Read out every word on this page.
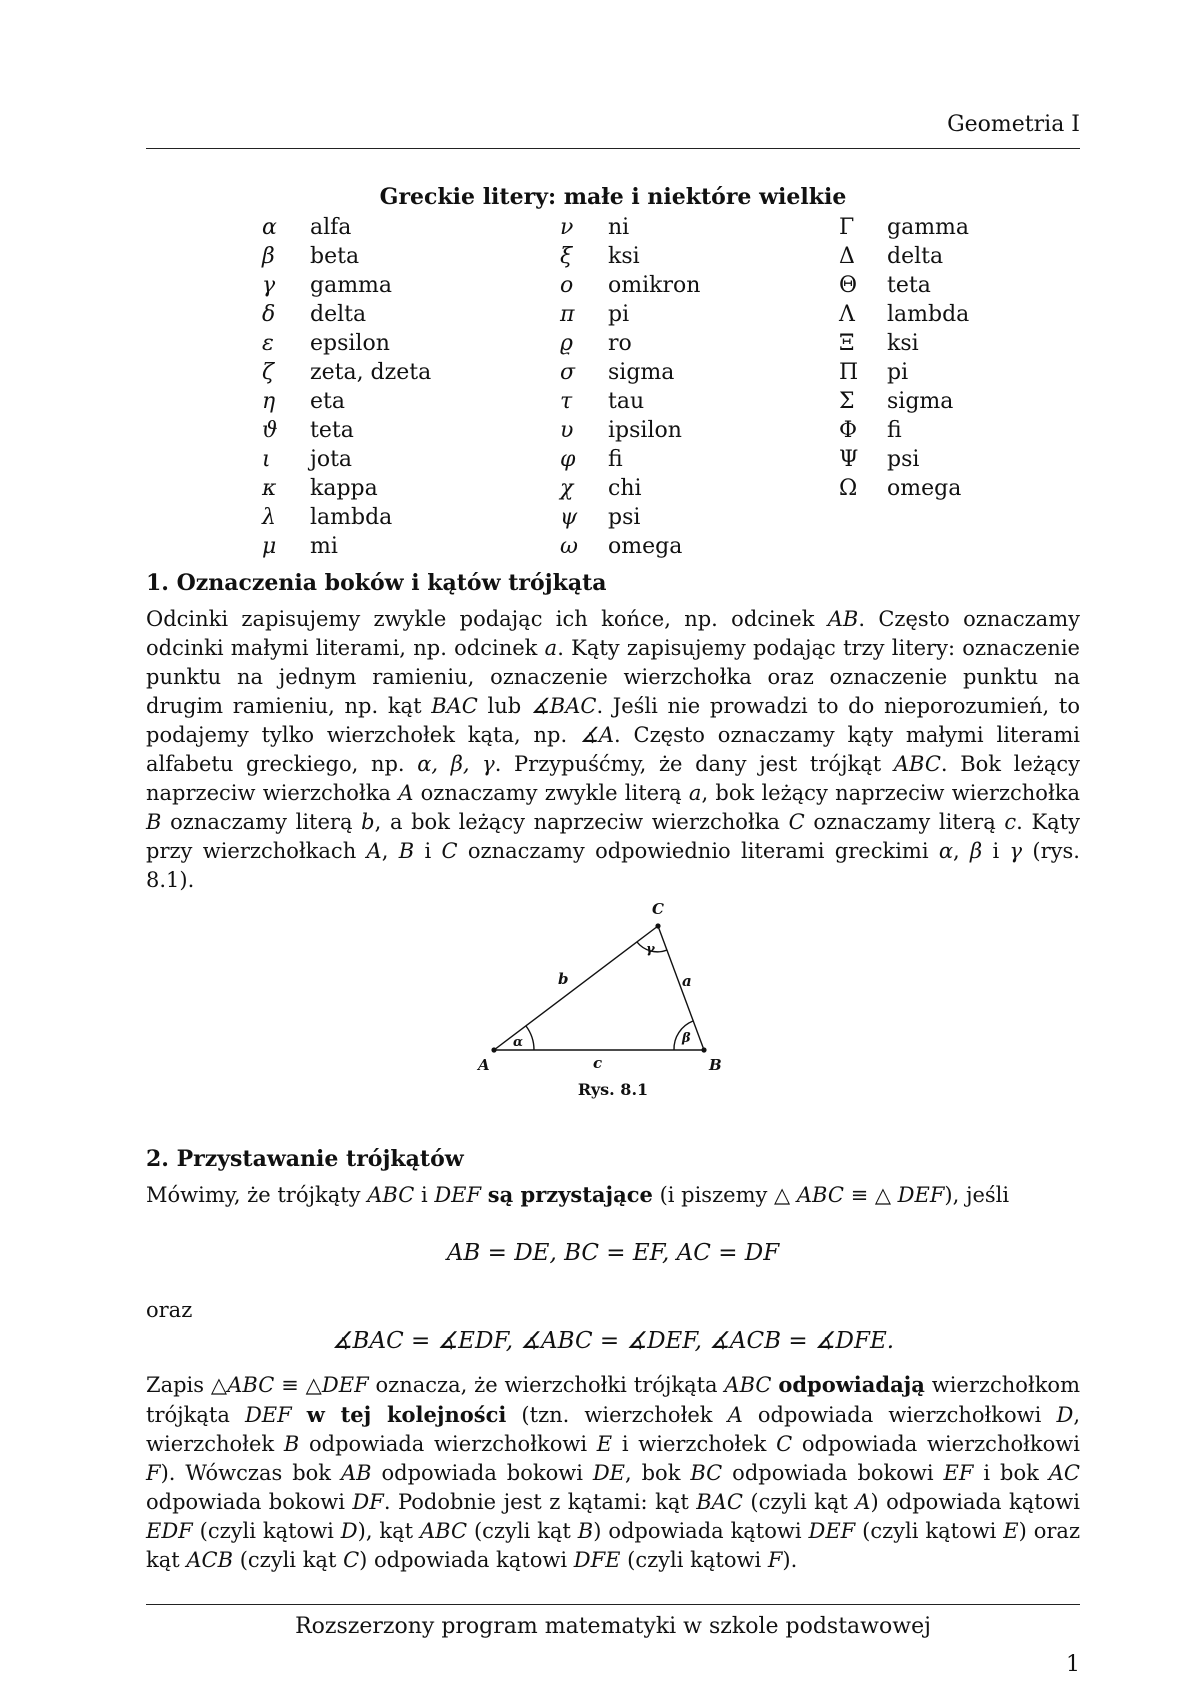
Geometria I
Greckie litery: małe i niektóre wielkie
α alfa
β beta
γ gamma
δ delta
ε epsilon
ζ zeta, dzeta
η eta
ϑ teta
ι jota
κ kappa
λ lambda
μ mi
ν ni
ξ ksi
o omikron
π pi
ϱ ro
σ sigma
τ tau
υ ipsilon
φ fi
χ chi
ψ psi
ω omega
Γ gamma
Δ delta
Θ teta
Λ lambda
Ξ ksi
Π pi
Σ sigma
Φ fi
Ψ psi
Ω omega
1. Oznaczenia boków i kątów trójkąta

Odcinki zapisujemy zwykle podając ich końce, np. odcinek AB. Często oznaczamy odcinki małymi literami, np. odcinek a. Kąty zapisujemy podając trzy litery: oznaczenie punktu na jednym ramieniu, oznaczenie wierzchołka oraz oznaczenie punktu na drugim ramieniu, np. kąt BAC lub ∡BAC. Jeśli nie prowadzi to do nieporozumień, to podajemy tylko wierzchołek kąta, np. ∡A. Często oznaczamy kąty małymi literami alfabetu greckiego, np. α, β, γ. Przypuśćmy, że dany jest trójkąt ABC. Bok leżący naprzeciw wierzchołka A oznaczamy zwykle literą a, bok leżący naprzeciw wierzchołka B oznaczamy literą b, a bok leżący naprzeciw wierzchołka C oznaczamy literą c. Kąty przy wierzchołkach A, B i C oznaczamy odpowiednio literami greckimi α, β i γ (rys. 8.1).

A	B
C
a
b
c
α	β
γ
Rys. 8.1
2. Przystawanie trójkątów

Mówimy, że trójkąty ABC i DEF są przystające (i piszemy △ ABC ≡ △ DEF), jeśli

AB = DE, BC = EF, AC = DF
oraz
∡BAC = ∡EDF, ∡ABC = ∡DEF, ∡ACB = ∡DFE.

Zapis △ABC ≡ △DEF oznacza, że wierzchołki trójkąta ABC odpowiadają wierzchołkom trójkąta DEF w tej kolejności (tzn. wierzchołek A odpowiada wierzchołkowi D, wierzchołek B odpowiada wierzchołkowi E i wierzchołek C odpowiada wierzchołkowi F). Wówczas bok AB odpowiada bokowi DE, bok BC odpowiada bokowi EF i bok AC odpowiada bokowi DF. Podobnie jest z kątami: kąt BAC (czyli kąt A) odpowiada kątowi EDF (czyli kątowi D), kąt ABC (czyli kąt B) odpowiada kątowi DEF (czyli kątowi E) oraz kąt ACB (czyli kąt C) odpowiada kątowi DFE (czyli kątowi F).

Rozszerzony program matematyki w szkole podstawowej
1
